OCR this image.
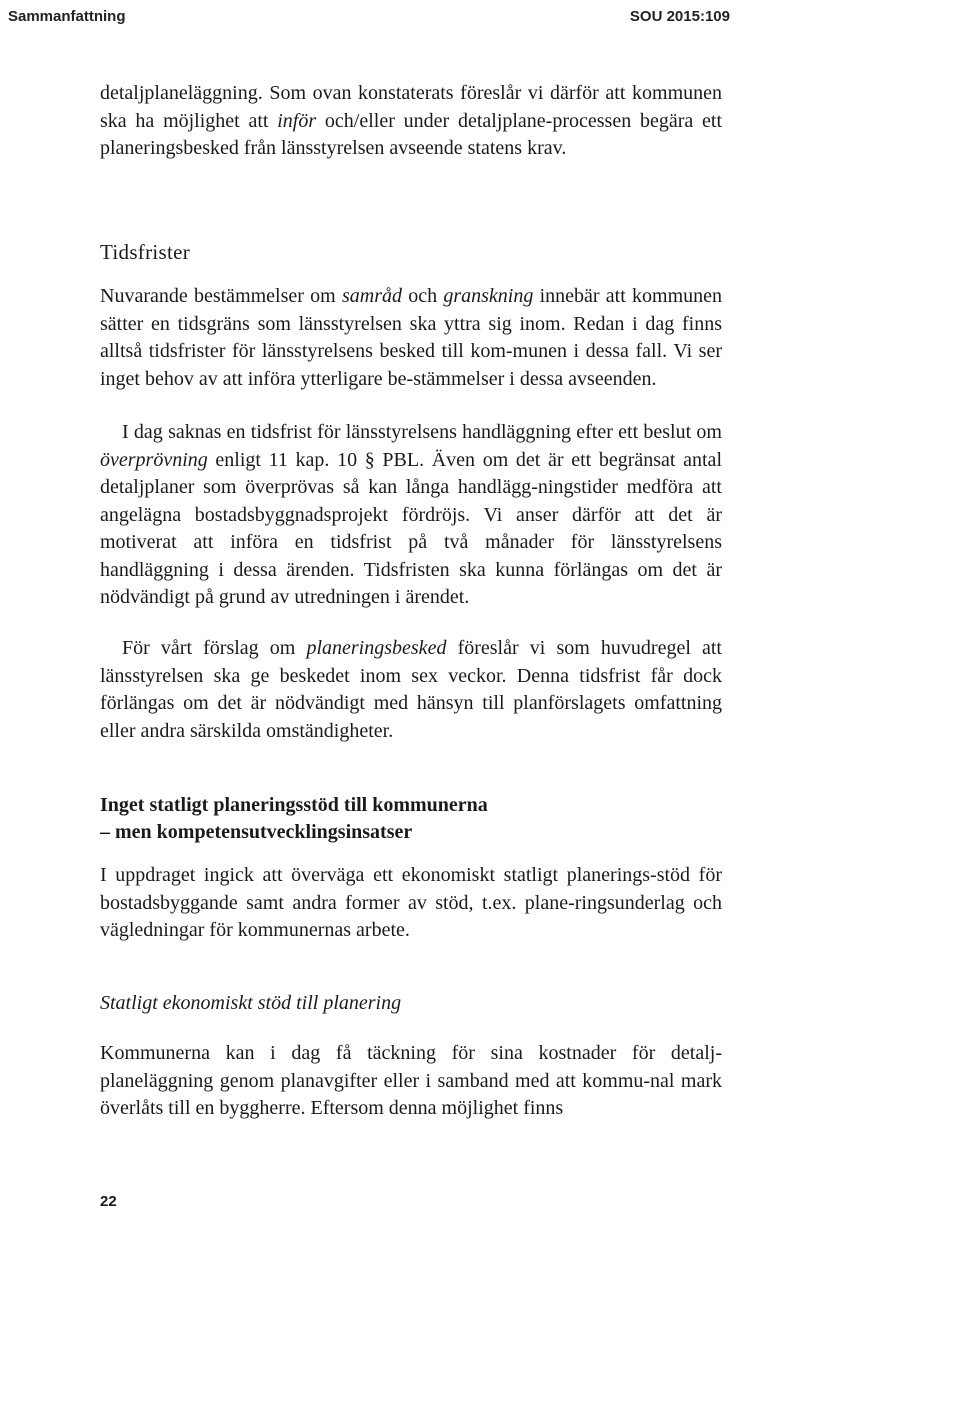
Sammanfattning	SOU 2015:109

detaljplaneläggning. Som ovan konstaterats föreslår vi därför att kommunen ska ha möjlighet att inför och/eller under detaljplane-processen begära ett planeringsbesked från länsstyrelsen avseende statens krav.

Tidsfrister

Nuvarande bestämmelser om samråd och granskning innebär att kommunen sätter en tidsgräns som länsstyrelsen ska yttra sig inom. Redan i dag finns alltså tidsfrister för länsstyrelsens besked till kom-munen i dessa fall. Vi ser inget behov av att införa ytterligare be-stämmelser i dessa avseenden.

I dag saknas en tidsfrist för länsstyrelsens handläggning efter ett beslut om överprövning enligt 11 kap. 10 § PBL. Även om det är ett begränsat antal detaljplaner som överprövas så kan långa handlägg-ningstider medföra att angelägna bostadsbyggnadsprojekt fördröjs. Vi anser därför att det är motiverat att införa en tidsfrist på två månader för länsstyrelsens handläggning i dessa ärenden. Tidsfristen ska kunna förlängas om det är nödvändigt på grund av utredningen i ärendet.

För vårt förslag om planeringsbesked föreslår vi som huvudregel att länsstyrelsen ska ge beskedet inom sex veckor. Denna tidsfrist får dock förlängas om det är nödvändigt med hänsyn till planförslagets omfattning eller andra särskilda omständigheter.

Inget statligt planeringsstöd till kommunerna
– men kompetensutvecklingsinsatser

I uppdraget ingick att överväga ett ekonomiskt statligt planerings-stöd för bostadsbyggande samt andra former av stöd, t.ex. plane-ringsunderlag och vägledningar för kommunernas arbete.

Statligt ekonomiskt stöd till planering

Kommunerna kan i dag få täckning för sina kostnader för detalj-planeläggning genom planavgifter eller i samband med att kommu-nal mark överlåts till en byggherre. Eftersom denna möjlighet finns

22
